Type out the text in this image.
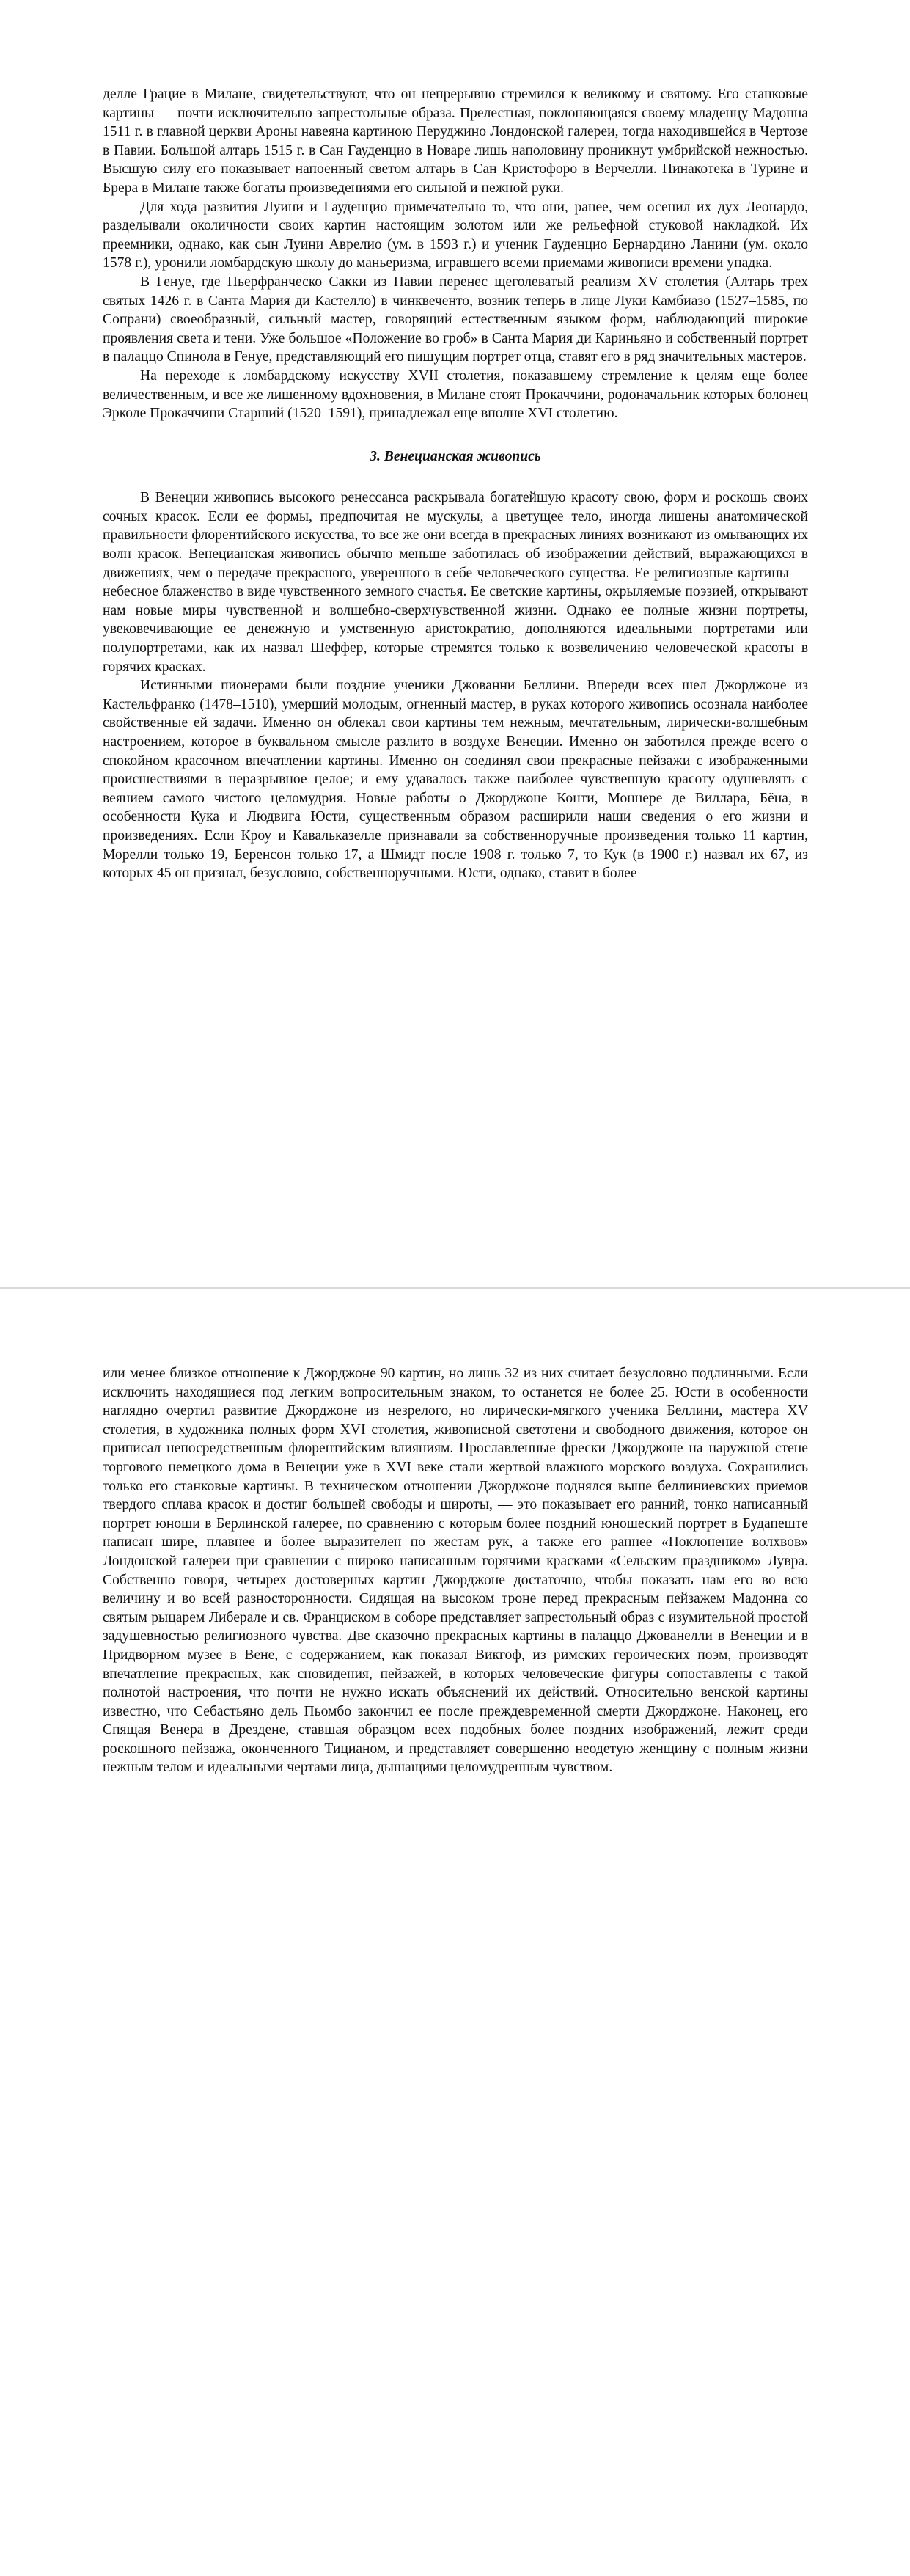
делле Грацие в Милане, свидетельствуют, что он непрерывно стремился к великому и святому. Его станковые картины — почти исключительно запрестольные образа. Прелестная, поклоняющаяся своему младенцу Мадонна 1511 г. в главной церкви Ароны навеяна картиною Перуджино Лондонской галереи, тогда находившейся в Чертозе в Павии. Большой алтарь 1515 г. в Сан Гауденцио в Новаре лишь наполовину проникнут умбрийской нежностью. Высшую силу его показывает напоенный светом алтарь в Сан Кристофоро в Верчелли. Пинакотека в Турине и Брера в Милане также богаты произведениями его сильной и нежной руки.

Для хода развития Луини и Гауденцио примечательно то, что они, ранее, чем осенил их дух Леонардо, разделывали околичности своих картин настоящим золотом или же рельефной стуковой накладкой. Их преемники, однако, как сын Луини Аврелио (ум. в 1593 г.) и ученик Гауденцио Бернардино Ланини (ум. около 1578 г.), уронили ломбардскую школу до маньеризма, игравшего всеми приемами живописи времени упадка.

В Генуе, где Пьерфранческо Сакки из Павии перенес щеголеватый реализм XV столетия (Алтарь трех святых 1426 г. в Санта Мария ди Кастелло) в чинквеченто, возник теперь в лице Луки Камбиазо (1527–1585, по Сопрани) своеобразный, сильный мастер, говорящий естественным языком форм, наблюдающий широкие проявления света и тени. Уже большое «Положение во гроб» в Санта Мария ди Кариньяно и собственный портрет в палаццо Спинола в Генуе, представляющий его пишущим портрет отца, ставят его в ряд значительных мастеров.

На переходе к ломбардскому искусству XVII столетия, показавшему стремление к целям еще более величественным, и все же лишенному вдохновения, в Милане стоят Прокаччини, родоначальник которых болонец Эрколе Прокаччини Старший (1520–1591), принадлежал еще вполне XVI столетию.

3. Венецианская живопись

В Венеции живопись высокого ренессанса раскрывала богатейшую красоту свою, форм и роскошь своих сочных красок. Если ее формы, предпочитая не мускулы, а цветущее тело, иногда лишены анатомической правильности флорентийского искусства, то все же они всегда в прекрасных линиях возникают из омывающих их волн красок. Венецианская живопись обычно меньше заботилась об изображении действий, выражающихся в движениях, чем о передаче прекрасного, уверенного в себе человеческого существа. Ее религиозные картины — небесное блаженство в виде чувственного земного счастья. Ее светские картины, окрыляемые поэзией, открывают нам новые миры чувственной и волшебно-сверхчувственной жизни. Однако ее полные жизни портреты, увековечивающие ее денежную и умственную аристократию, дополняются идеальными портретами или полупортретами, как их назвал Шеффер, которые стремятся только к возвеличению человеческой красоты в горячих красках.

Истинными пионерами были поздние ученики Джованни Беллини. Впереди всех шел Джорджоне из Кастельфранко (1478–1510), умерший молодым, огненный мастер, в руках которого живопись осознала наиболее свойственные ей задачи. Именно он облекал свои картины тем нежным, мечтательным, лирически-волшебным настроением, которое в буквальном смысле разлито в воздухе Венеции. Именно он заботился прежде всего о спокойном красочном впечатлении картины. Именно он соединял свои прекрасные пейзажи с изображенными происшествиями в неразрывное целое; и ему удавалось также наиболее чувственную красоту одушевлять с веянием самого чистого целомудрия. Новые работы о Джорджоне Конти, Моннере де Виллара, Бёна, в особенности Кука и Людвига Юсти, существенным образом расширили наши сведения о его жизни и произведениях. Если Кроу и Кавальказелле признавали за собственноручные произведения только 11 картин, Морелли только 19, Беренсон только 17, а Шмидт после 1908 г. только 7, то Кук (в 1900 г.) назвал их 67, из которых 45 он признал, безусловно, собственноручными. Юсти, однако, ставит в более

или менее близкое отношение к Джорджоне 90 картин, но лишь 32 из них считает безусловно подлинными. Если исключить находящиеся под легким вопросительным знаком, то останется не более 25. Юсти в особенности наглядно очертил развитие Джорджоне из незрелого, но лирически-мягкого ученика Беллини, мастера XV столетия, в художника полных форм XVI столетия, живописной светотени и свободного движения, которое он приписал непосредственным флорентийским влияниям. Прославленные фрески Джорджоне на наружной стене торгового немецкого дома в Венеции уже в XVI веке стали жертвой влажного морского воздуха. Сохранились только его станковые картины. В техническом отношении Джорджоне поднялся выше беллиниевских приемов твердого сплава красок и достиг большей свободы и широты, — это показывает его ранний, тонко написанный портрет юноши в Берлинской галерее, по сравнению с которым более поздний юношеский портрет в Будапеште написан шире, плавнее и более выразителен по жестам рук, а также его раннее «Поклонение волхвов» Лондонской галереи при сравнении с широко написанным горячими красками «Сельским праздником» Лувра. Собственно говоря, четырех достоверных картин Джорджоне достаточно, чтобы показать нам его во всю величину и во всей разносторонности. Сидящая на высоком троне перед прекрасным пейзажем Мадонна со святым рыцарем Либерале и св. Франциском в соборе представляет запрестольный образ с изумительной простой задушевностью религиозного чувства. Две сказочно прекрасных картины в палаццо Джованелли в Венеции и в Придворном музее в Вене, с содержанием, как показал Викгоф, из римских героических поэм, производят впечатление прекрасных, как сновидения, пейзажей, в которых человеческие фигуры сопоставлены с такой полнотой настроения, что почти не нужно искать объяснений их действий. Относительно венской картины известно, что Себастьяно дель Пьомбо закончил ее после преждевременной смерти Джорджоне. Наконец, его Спящая Венера в Дрездене, ставшая образцом всех подобных более поздних изображений, лежит среди роскошного пейзажа, оконченного Тицианом, и представляет совершенно неодетую женщину с полным жизни нежным телом и идеальными чертами лица, дышащими целомудренным чувством.
